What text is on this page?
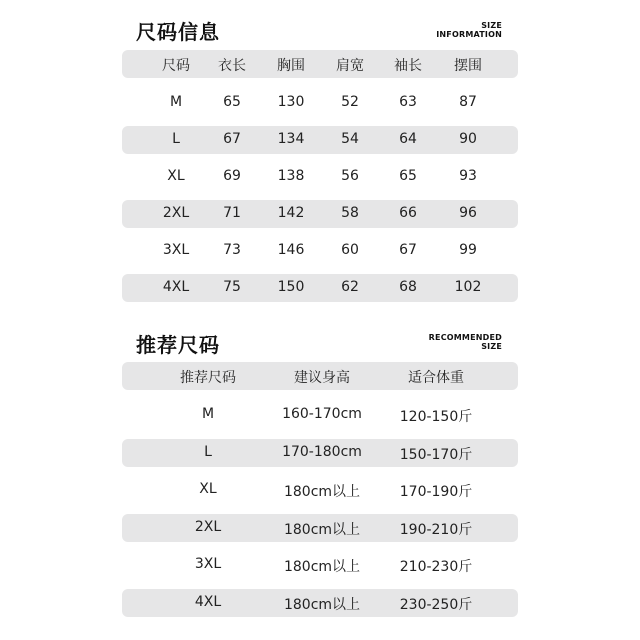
尺码信息	SIZE
INFORMATION
尺码 衣长 胸围 肩宽 袖长 摆围
M	65	130	52	63	87
L	67	134	54	64	90
XL	69	138	56	65	93
2XL 71	142	58	66	96
3XL 73	146	60	67	99
4XL 75	150	62	68	102
推荐尺码	RECOMMENDED
SIZE
推荐尺码	建议身高	适合体重
M	160-170cm	120-150斤
L	170-180cm	150-170斤
XL	180cm以上	170-190斤
2XL	180cm以上	190-210斤
3XL	180cm以上	210-230斤
4XL	180cm以上	230-250斤
